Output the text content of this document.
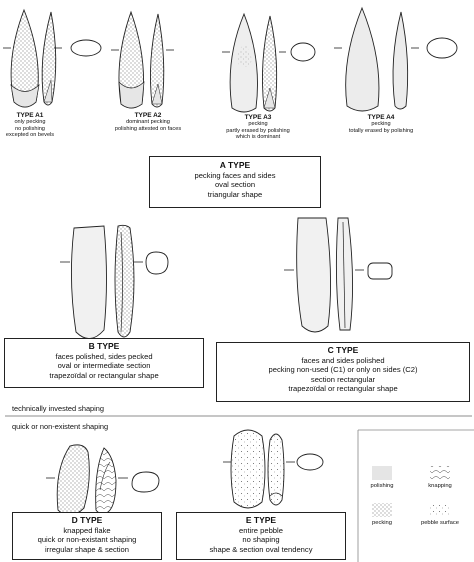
TYPE A1
only pecking
no polishing
excepted on bevels
TYPE A2
dominant pecking
polishing attested on faces
TYPE A3
pecking
partly erased by polishing
which is dominant
TYPE A4
pecking
totally erased by polishing
A TYPE
pecking faces and sides
oval section
triangular shape
B TYPE
faces polished, sides pecked
oval or intermediate section
trapezoïdal or rectangular shape
C TYPE
faces and sides polished
pecking non-used (C1) or only on sides (C2)
section rectangular
trapezoïdal or rectangular shape
technically invested shaping
quick or non-existent shaping
D TYPE
knapped flake
quick or non-existant shaping
irregular shape & section
E TYPE
entire pebble
no shaping
shape & section oval tendency
polishing	knapping
pecking	pebble surface
